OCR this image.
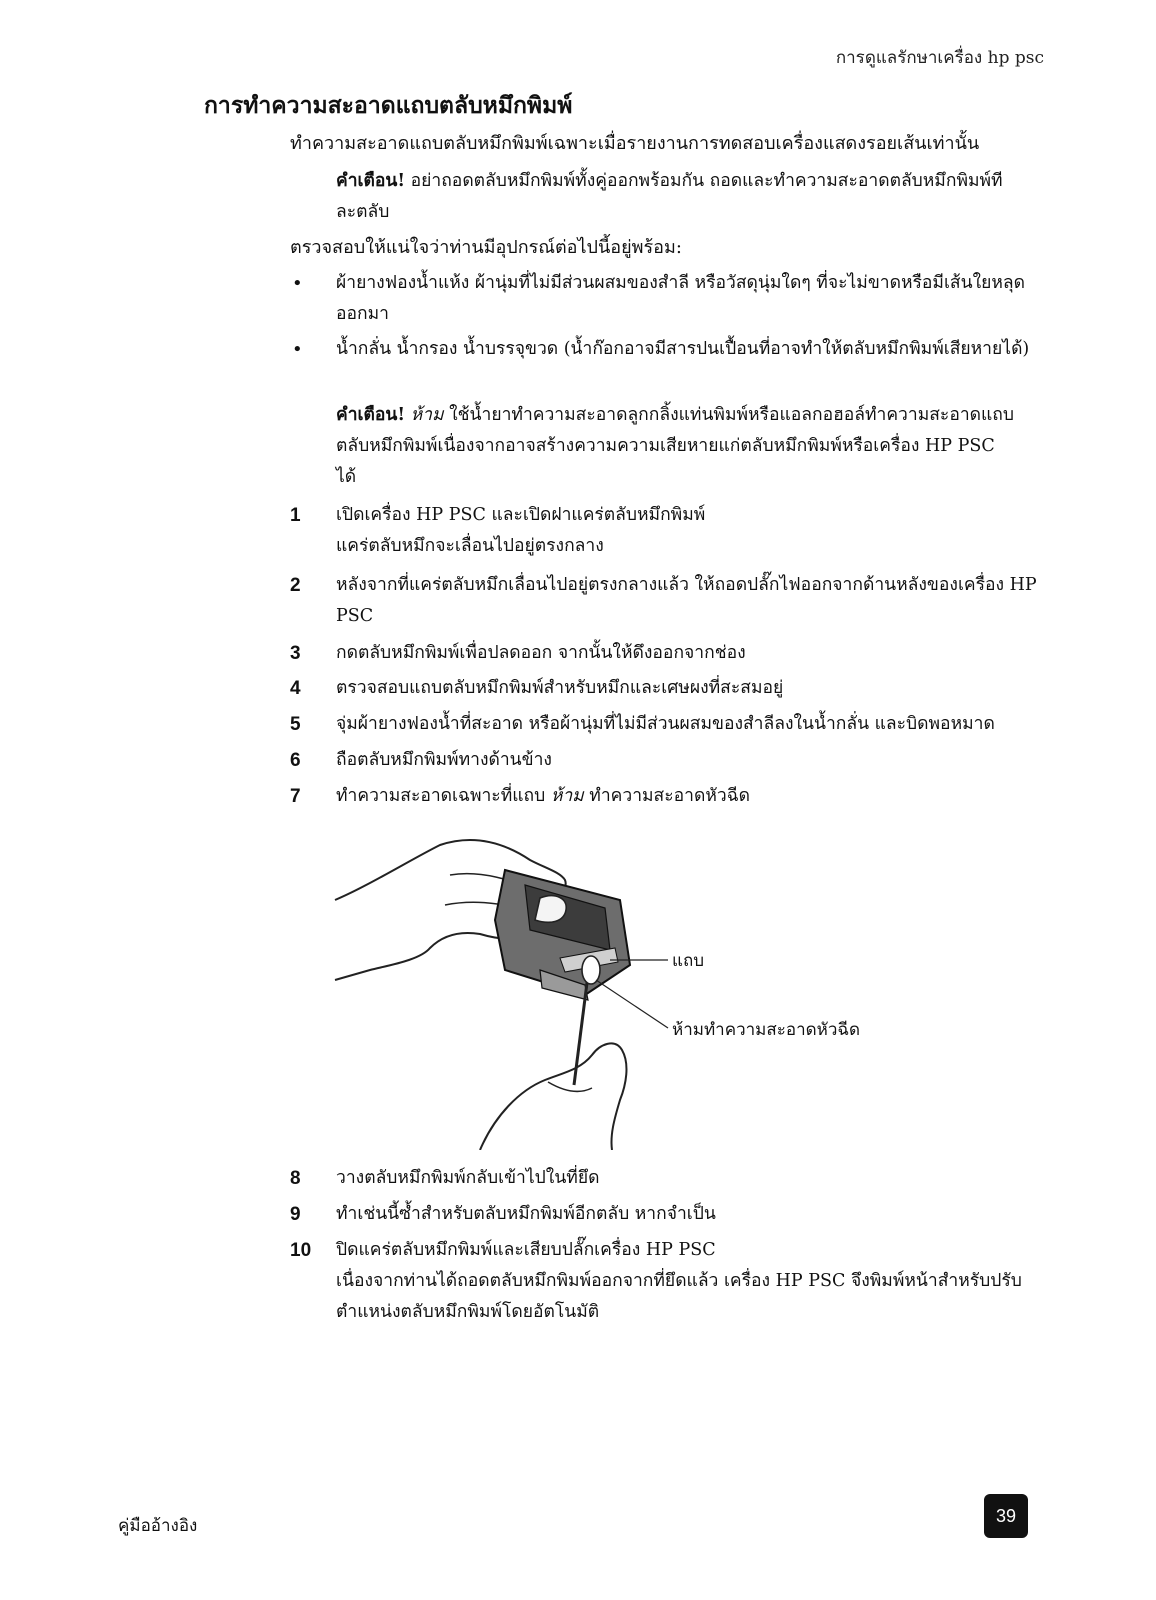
การดูแลรักษาเครื่อง hp psc
การทำความสะอาดแถบตลับหมึกพิมพ์
ทำความสะอาดแถบตลับหมึกพิมพ์เฉพาะเมื่อรายงานการทดสอบเครื่องแสดงรอยเส้นเท่านั้น
คำเตือน! อย่าถอดตลับหมึกพิมพ์ทั้งคู่ออกพร้อมกัน ถอดและทำความสะอาดตลับหมึกพิมพ์ทีละตลับ
ตรวจสอบให้แน่ใจว่าท่านมีอุปกรณ์ต่อไปนี้อยู่พร้อม:
• ผ้ายางฟองน้ำแห้ง ผ้านุ่มที่ไม่มีส่วนผสมของสำลี หรือวัสดุนุ่มใดๆ ที่จะไม่ขาดหรือมีเส้นใยหลุดออกมา
• น้ำกลั่น น้ำกรอง น้ำบรรจุขวด (น้ำก๊อกอาจมีสารปนเปื้อนที่อาจทำให้ตลับหมึกพิมพ์เสียหายได้)
คำเตือน! ห้าม ใช้น้ำยาทำความสะอาดลูกกลิ้งแท่นพิมพ์หรือแอลกอฮอล์ทำความสะอาดแถบตลับหมึกพิมพ์เนื่องจากอาจสร้างความความเสียหายแก่ตลับหมึกพิมพ์หรือเครื่อง HP PSC ได้
1 เปิดเครื่อง HP PSC และเปิดฝาแคร่ตลับหมึกพิมพ์
แคร่ตลับหมึกจะเลื่อนไปอยู่ตรงกลาง
2 หลังจากที่แคร่ตลับหมึกเลื่อนไปอยู่ตรงกลางแล้ว ให้ถอดปลั๊กไฟออกจากด้านหลังของเครื่อง HP PSC
3 กดตลับหมึกพิมพ์เพื่อปลดออก จากนั้นให้ดึงออกจากช่อง
4 ตรวจสอบแถบตลับหมึกพิมพ์สำหรับหมึกและเศษผงที่สะสมอยู่
5 จุ่มผ้ายางฟองน้ำที่สะอาด หรือผ้านุ่มที่ไม่มีส่วนผสมของสำลีลงในน้ำกลั่น และบิดพอหมาด
6 ถือตลับหมึกพิมพ์ทางด้านข้าง
7 ทำความสะอาดเฉพาะที่แถบ ห้าม ทำความสะอาดหัวฉีด
แถบ
ห้ามทำความสะอาดหัวฉีด
8 วางตลับหมึกพิมพ์กลับเข้าไปในที่ยึด
9 ทำเช่นนี้ซ้ำสำหรับตลับหมึกพิมพ์อีกตลับ หากจำเป็น
10 ปิดแคร่ตลับหมึกพิมพ์และเสียบปลั๊กเครื่อง HP PSC
เนื่องจากท่านได้ถอดตลับหมึกพิมพ์ออกจากที่ยึดแล้ว เครื่อง HP PSC จึงพิมพ์หน้าสำหรับปรับตำแหน่งตลับหมึกพิมพ์โดยอัตโนมัติ
คู่มืออ้างอิง
39
